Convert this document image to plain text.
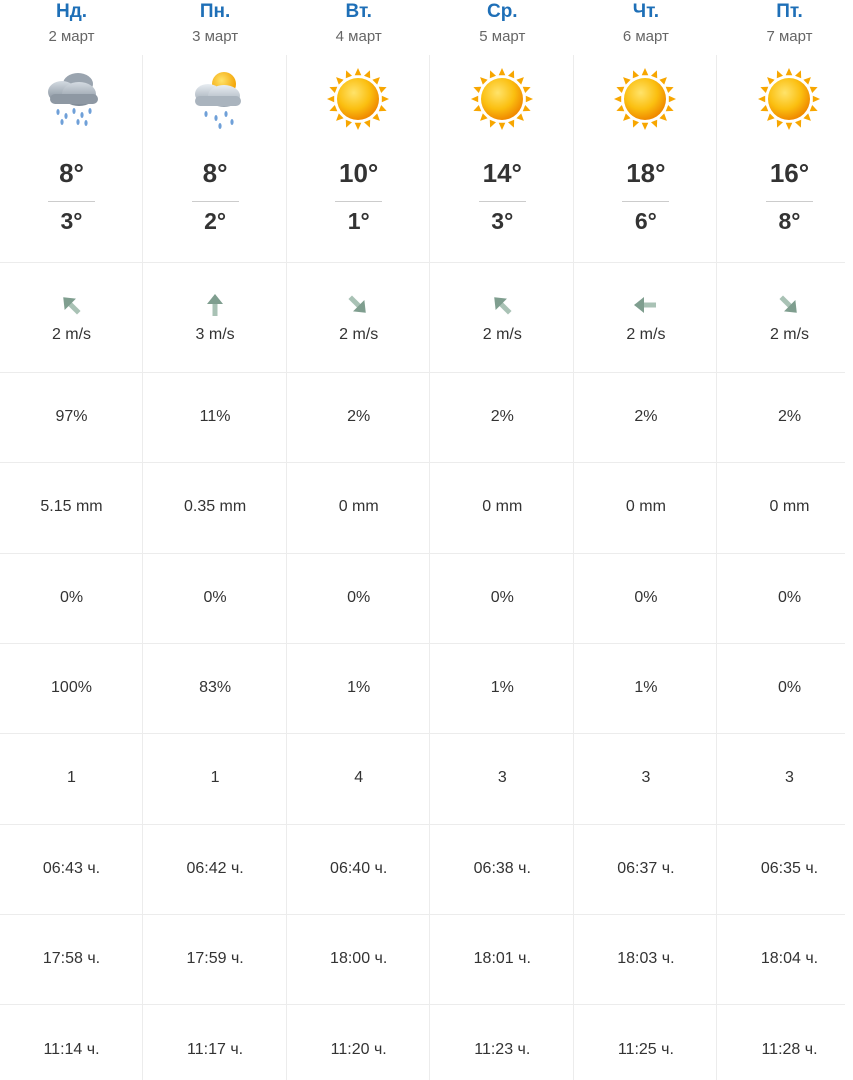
Нд.
2 март
8°
3°
2 m/s
97%
5.15 mm
0%
100%
1
06:43 ч.
17:58 ч.
11:14 ч.
Пн.
3 март
8°
2°
3 m/s
11%
0.35 mm
0%
83%
1
06:42 ч.
17:59 ч.
11:17 ч.
Вт.
4 март
10°
1°
2 m/s
2%
0 mm
0%
1%
4
06:40 ч.
18:00 ч.
11:20 ч.
Ср.
5 март
14°
3°
2 m/s
2%
0 mm
0%
1%
3
06:38 ч.
18:01 ч.
11:23 ч.
Чт.
6 март
18°
6°
2 m/s
2%
0 mm
0%
1%
3
06:37 ч.
18:03 ч.
11:25 ч.
Пт.
7 март
16°
8°
2 m/s
2%
0 mm
0%
0%
3
06:35 ч.
18:04 ч.
11:28 ч.
